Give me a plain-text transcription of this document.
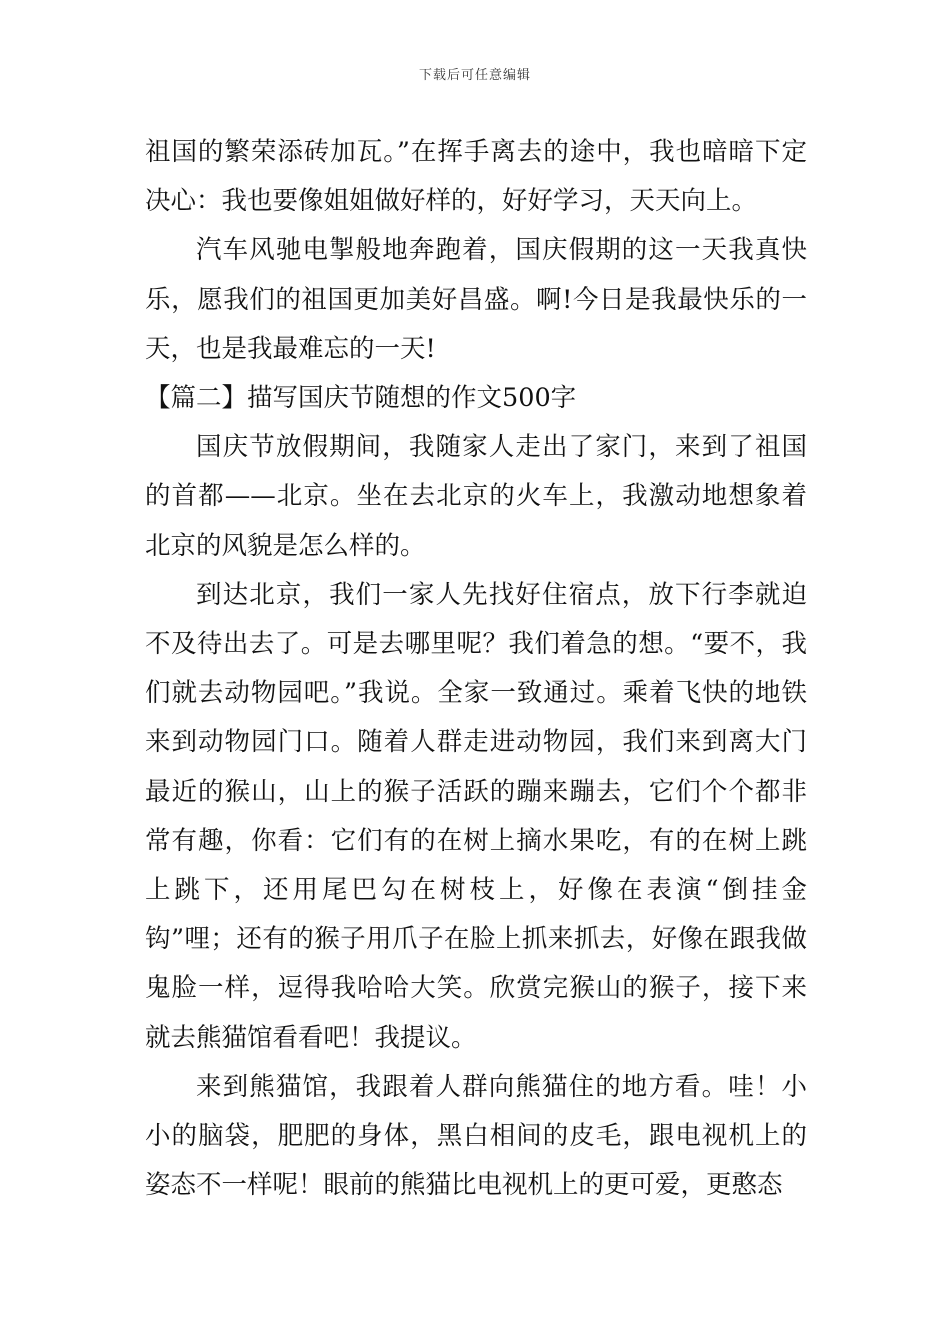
下载后可任意编辑

祖国的繁荣添砖加瓦。”在挥手离去的途中，我也暗暗下定决心：我也要像姐姐做好样的，好好学习，天天向上。

汽车风驰电掣般地奔跑着，国庆假期的这一天我真快乐，愿我们的祖国更加美好昌盛。啊!今日是我最快乐的一天，也是我最难忘的一天!

【篇二】描写国庆节随想的作文500字

国庆节放假期间，我随家人走出了家门，来到了祖国的首都——北京。坐在去北京的火车上，我激动地想象着北京的风貌是怎么样的。

到达北京，我们一家人先找好住宿点，放下行李就迫不及待出去了。可是去哪里呢？我们着急的想。“要不，我们就去动物园吧。”我说。全家一致通过。乘着飞快的地铁来到动物园门口。随着人群走进动物园，我们来到离大门最近的猴山，山上的猴子活跃的蹦来蹦去，它们个个都非常有趣，你看：它们有的在树上摘水果吃，有的在树上跳上跳下，还用尾巴勾在树枝上，好像在表演“倒挂金钩”哩；还有的猴子用爪子在脸上抓来抓去，好像在跟我做鬼脸一样，逗得我哈哈大笑。欣赏完猴山的猴子，接下来就去熊猫馆看看吧！我提议。

来到熊猫馆，我跟着人群向熊猫住的地方看。哇！小小的脑袋，肥肥的身体，黑白相间的皮毛，跟电视机上的姿态不一样呢！眼前的熊猫比电视机上的更可爱，更憨态
